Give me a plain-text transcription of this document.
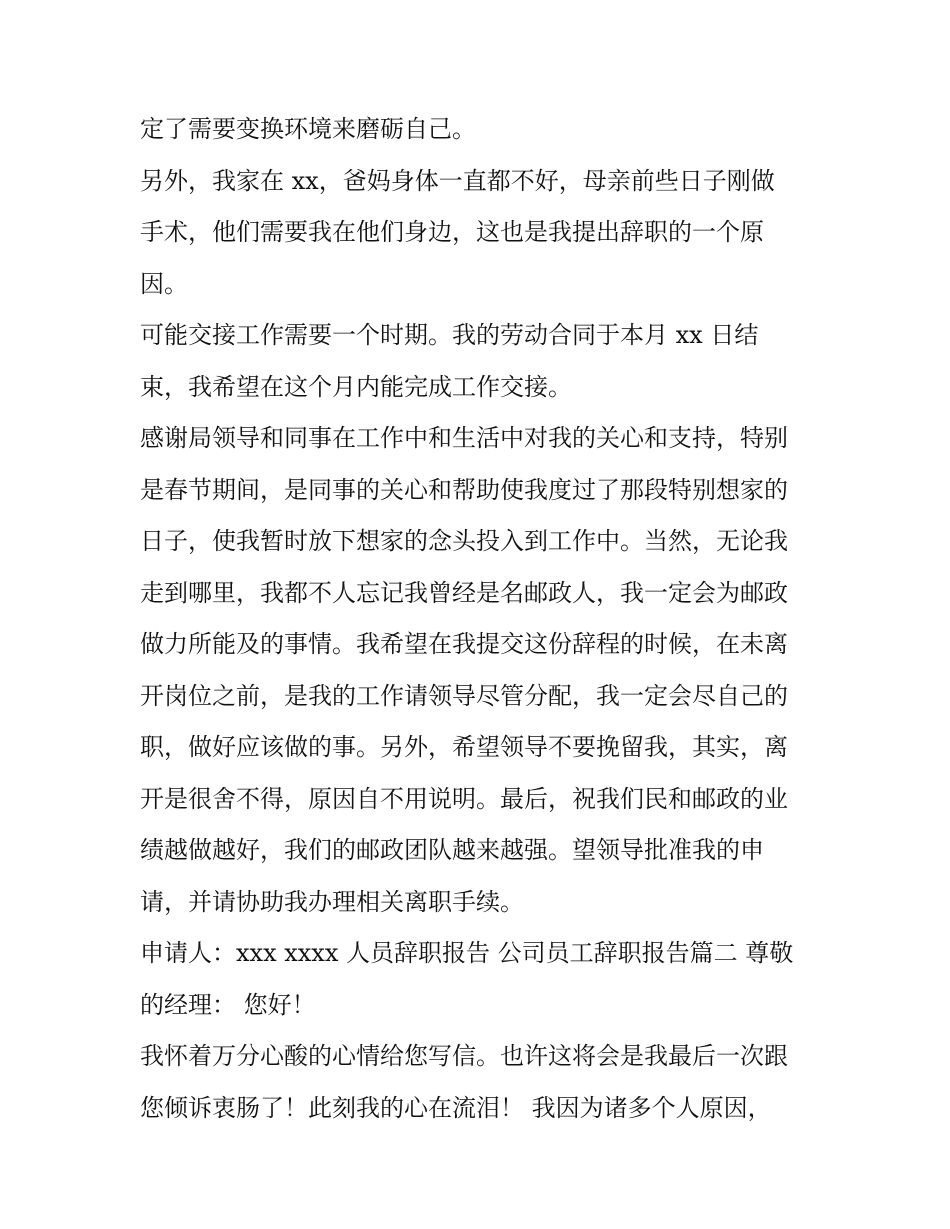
定了需要变换环境来磨砺自己。
另外，我家在 xx，爸妈身体一直都不好，母亲前些日子刚做
手术，他们需要我在他们身边，这也是我提出辞职的一个原
因。
可能交接工作需要一个时期。我的劳动合同于本月 xx 日结
束，我希望在这个月内能完成工作交接。
感谢局领导和同事在工作中和生活中对我的关心和支持，特别
是春节期间，是同事的关心和帮助使我度过了那段特别想家的
日子，使我暂时放下想家的念头投入到工作中。当然，无论我
走到哪里，我都不人忘记我曾经是名邮政人，我一定会为邮政
做力所能及的事情。我希望在我提交这份辞程的时候，在未离
开岗位之前，是我的工作请领导尽管分配，我一定会尽自己的
职，做好应该做的事。另外，希望领导不要挽留我，其实，离
开是很舍不得，原因自不用说明。最后，祝我们民和邮政的业
绩越做越好，我们的邮政团队越来越强。望领导批准我的申
请，并请协助我办理相关离职手续。
申请人：xxx xxxx 人员辞职报告 公司员工辞职报告篇二 尊敬
的经理： 您好！
我怀着万分心酸的心情给您写信。也许这将会是我最后一次跟
您倾诉衷肠了！此刻我的心在流泪！ 我因为诸多个人原因，
